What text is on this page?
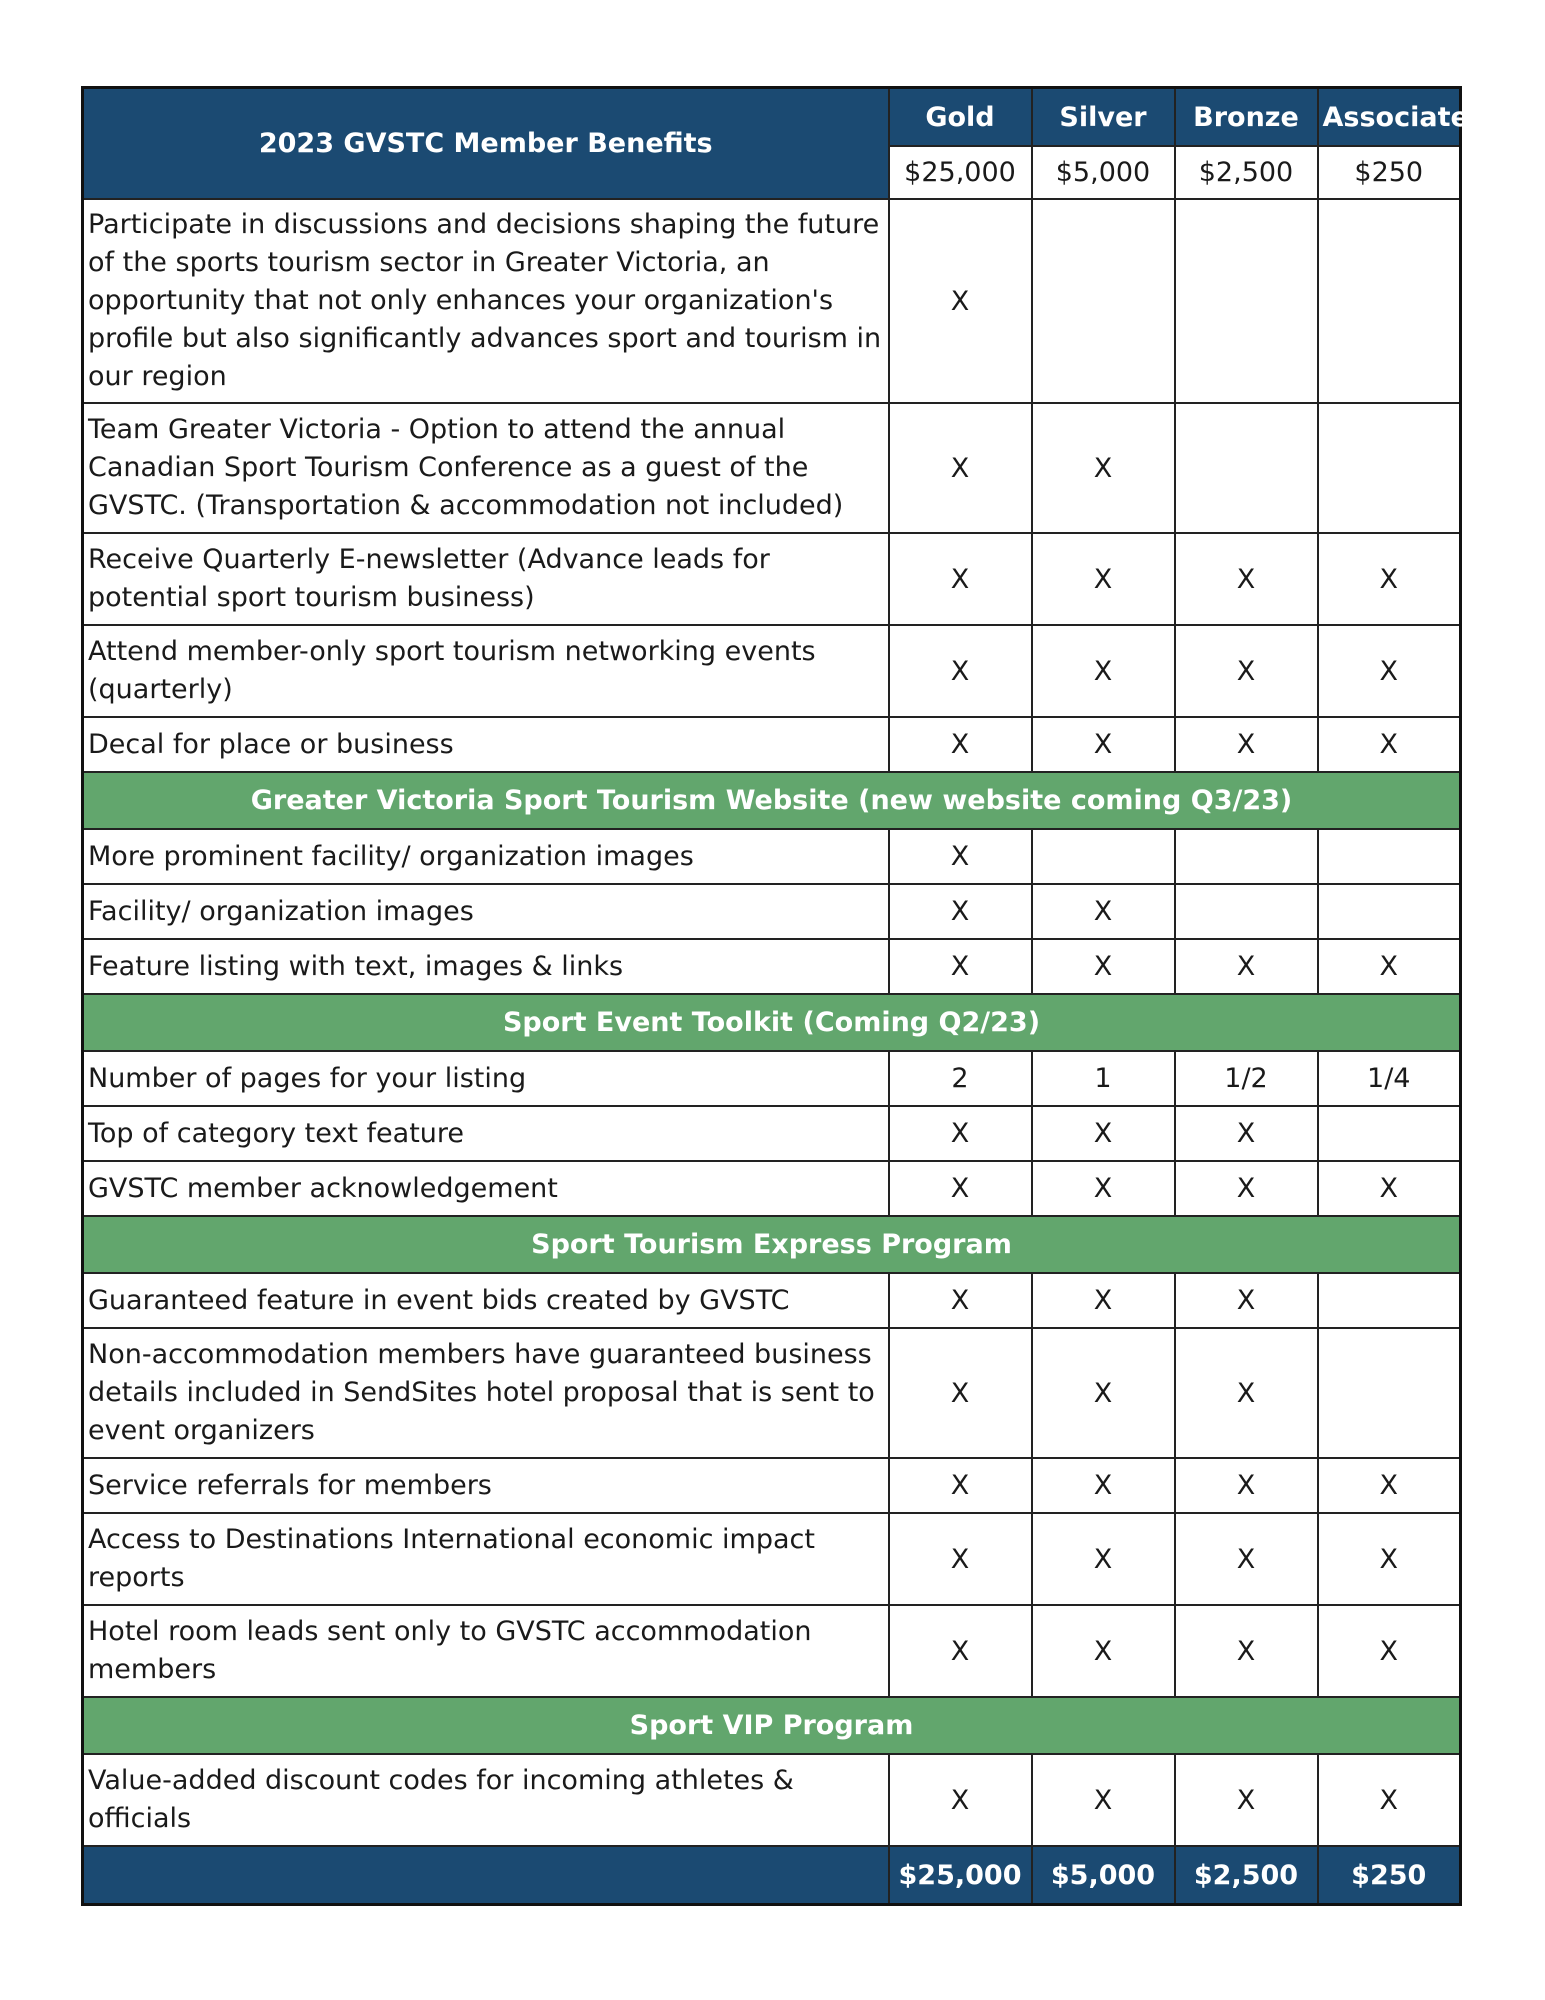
2023 GVSTC Member Benefits	Gold	Silver	Bronze	Associate
	$25,000	$5,000	$2,500	$250
Participate in discussions and decisions shaping the future of the sports tourism sector in Greater Victoria, an opportunity that not only enhances your organization's profile but also significantly advances sport and tourism in our region	X			
Team Greater Victoria - Option to attend the annual Canadian Sport Tourism Conference as a guest of the GVSTC. (Transportation & accommodation not included)	X	X		
Receive Quarterly E-newsletter (Advance leads for potential sport tourism business)	X	X	X	X
Attend member-only sport tourism networking events (quarterly)	X	X	X	X
Decal for place or business	X	X	X	X
Greater Victoria Sport Tourism Website (new website coming Q3/23)				
More prominent facility/ organization images	X			
Facility/ organization images	X	X		
Feature listing with text, images & links	X	X	X	X
Sport Event Toolkit (Coming Q2/23)				
Number of pages for your listing	2	1	1/2	1/4
Top of category text feature	X	X	X	
GVSTC member acknowledgement	X	X	X	X
Sport Tourism Express Program				
Guaranteed feature in event bids created by GVSTC	X	X	X	
Non-accommodation members have guaranteed business details included in SendSites hotel proposal that is sent to event organizers	X	X	X	
Service referrals for members	X	X	X	X
Access to Destinations International economic impact reports	X	X	X	X
Hotel room leads sent only to GVSTC accommodation members	X	X	X	X
Sport VIP Program				
Value-added discount codes for incoming athletes & officials	X	X	X	X
	$25,000	$5,000	$2,500	$250
